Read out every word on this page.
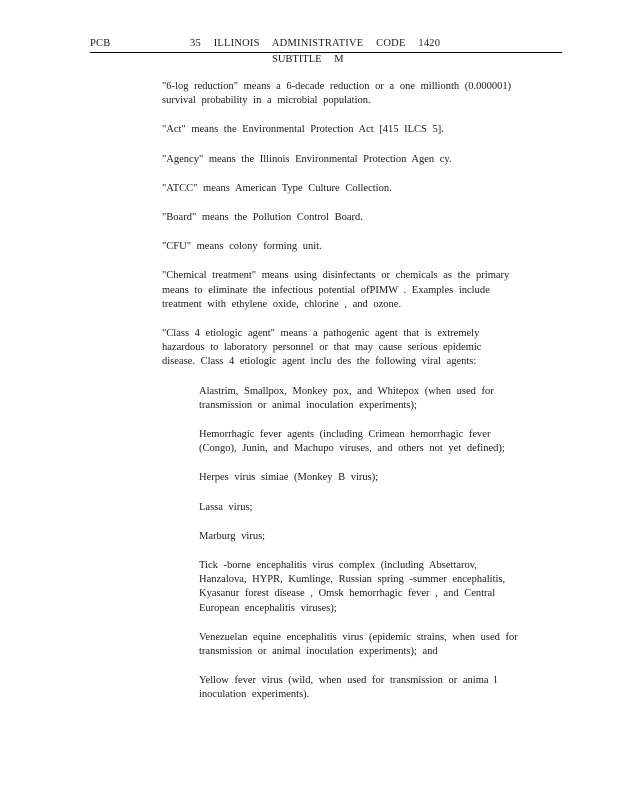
PCB	35 ILLINOIS ADMINISTRATIVE CODE 1420
SUBTITLE M

"6-log reduction" means a 6-decade reduction or a one millionth (0.000001) survival probability in a microbial population.

"Act" means the Environmental Protection Act [415 ILCS 5].

"Agency" means the Illinois Environmental Protection Agen cy.

"ATCC" means American Type Culture Collection.

"Board" means the Pollution Control Board.

"CFU" means colony forming unit.

"Chemical treatment" means using disinfectants or chemicals as the primary means to eliminate the infectious potential ofPIMW . Examples include treatment with ethylene oxide, chlorine , and ozone.

"Class 4 etiologic agent" means a pathogenic agent that is extremely hazardous to laboratory personnel or that may cause serious epidemic disease. Class 4 etiologic agent inclu des the following viral agents:

Alastrim, Smallpox, Monkey pox, and Whitepox (when used for transmission or animal inoculation experiments);

Hemorrhagic fever agents (including Crimean hemorrhagic fever (Congo), Junin, and Machupo viruses, and others not yet defined);

Herpes virus simiae (Monkey B virus);

Lassa virus;

Marburg virus;

Tick -borne encephalitis virus complex (including Absettarov, Hanzalova, HYPR, Kumlinge, Russian spring -summer encephalitis, Kyasanur forest disease , Omsk hemorrhagic fever , and Central European encephalitis viruses);

Venezuelan equine encephalitis virus (epidemic strains, when used for transmission or animal inoculation experiments); and

Yellow fever virus (wild, when used for transmission or anima l inoculation experiments).
